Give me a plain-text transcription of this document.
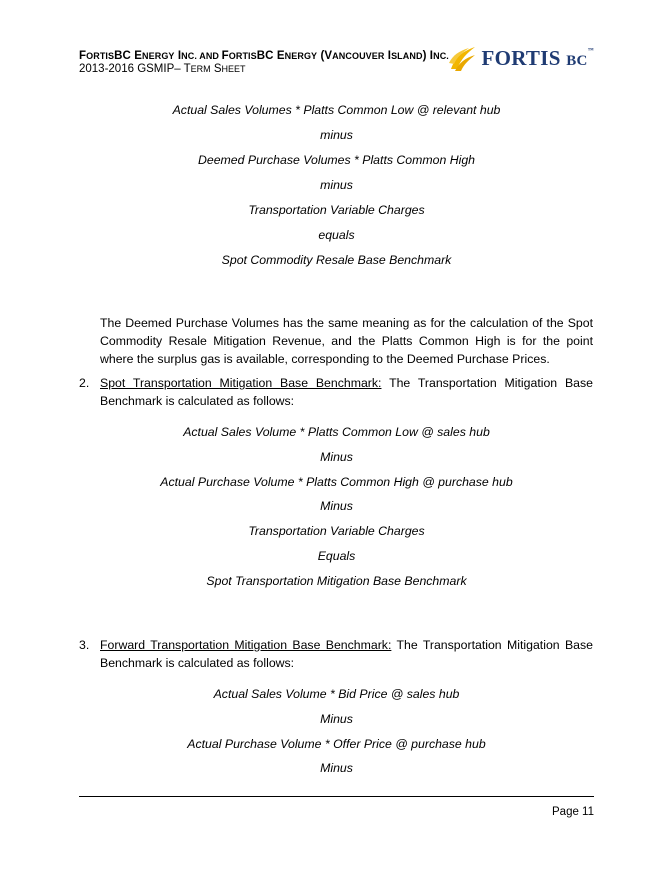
FORTISBC ENERGY INC. AND FORTISBC ENERGY (VANCOUVER ISLAND) INC.
2013-2016 GSMIP– TERM SHEET	FORTIS BC™
Actual Sales Volumes * Platts Common Low @ relevant hub
minus
Deemed Purchase Volumes * Platts Common High
minus
Transportation Variable Charges
equals
Spot Commodity Resale Base Benchmark
The Deemed Purchase Volumes has the same meaning as for the calculation of the Spot Commodity Resale Mitigation Revenue, and the Platts Common High is for the point where the surplus gas is available, corresponding to the Deemed Purchase Prices.
2. Spot Transportation Mitigation Base Benchmark: The Transportation Mitigation Base Benchmark is calculated as follows:
Actual Sales Volume * Platts Common Low @ sales hub
Minus
Actual Purchase Volume * Platts Common High @ purchase hub
Minus
Transportation Variable Charges
Equals
Spot Transportation Mitigation Base Benchmark
3. Forward Transportation Mitigation Base Benchmark: The Transportation Mitigation Base Benchmark is calculated as follows:
Actual Sales Volume * Bid Price @ sales hub
Minus
Actual Purchase Volume * Offer Price @ purchase hub
Minus
Page 11
